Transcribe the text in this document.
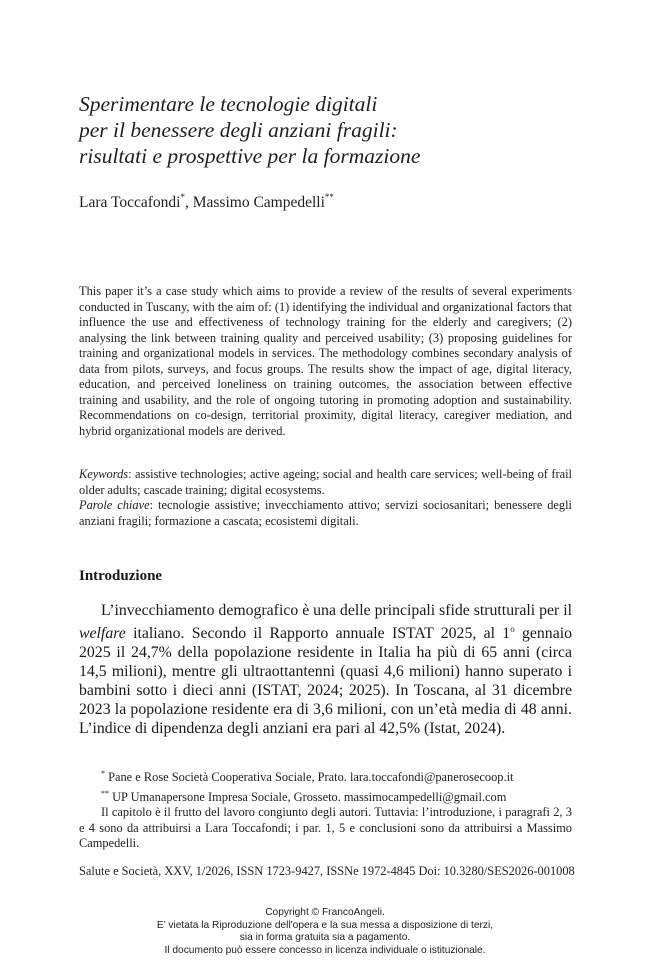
Sperimentare le tecnologie digitali
per il benessere degli anziani fragili:
risultati e prospettive per la formazione
Lara Toccafondi*, Massimo Campedelli**
This paper it’s a case study which aims to provide a review of the results of several experiments conducted in Tuscany, with the aim of: (1) identifying the individual and organizational factors that influence the use and effectiveness of technology training for the elderly and caregivers; (2) analysing the link between training quality and perceived usability; (3) proposing guidelines for training and organizational models in services. The methodology combines secondary analysis of data from pilots, surveys, and focus groups. The results show the impact of age, digital literacy, education, and perceived loneliness on training outcomes, the association between effective training and usability, and the role of ongoing tutoring in promoting adoption and sustainability. Recommendations on co-design, territorial proximity, digital literacy, caregiver mediation, and hybrid organizational models are derived.
Keywords: assistive technologies; active ageing; social and health care services; well-being of frail older adults; cascade training; digital ecosystems.
Parole chiave: tecnologie assistive; invecchiamento attivo; servizi sociosanitari; benessere degli anziani fragili; formazione a cascata; ecosistemi digitali.
Introduzione
L’invecchiamento demografico è una delle principali sfide strutturali per il welfare italiano. Secondo il Rapporto annuale ISTAT 2025, al 1$^o$ gennaio 2025 il 24,7% della popolazione residente in Italia ha più di 65 anni (circa 14,5 milioni), mentre gli ultraottantenni (quasi 4,6 milioni) hanno superato i bambini sotto i dieci anni (ISTAT, 2024; 2025). In Toscana, al 31 dicembre 2023 la popolazione residente era di 3,6 milioni, con un’età media di 48 anni. L’indice di dipendenza degli anziani era pari al 42,5% (Istat, 2024).
* Pane e Rose Società Cooperativa Sociale, Prato. lara.toccafondi@panerosecoop.it
** UP Umanapersone Impresa Sociale, Grosseto. massimocampedelli@gmail.com
Il capitolo è il frutto del lavoro congiunto degli autori. Tuttavia: l’introduzione, i paragrafi 2, 3 e 4 sono da attribuirsi a Lara Toccafondi; i par. 1, 5 e conclusioni sono da attribuirsi a Massimo Campedelli.
Salute e Società, XXV, 1/2026, ISSN 1723-9427, ISSNe 1972-4845 Doi: 10.3280/SES2026-001008
Copyright © FrancoAngeli.
E’ vietata la Riproduzione dell'opera e la sua messa a disposizione di terzi,
sia in forma gratuita sia a pagamento.
Il documento può essere concesso in licenza individuale o istituzionale.
